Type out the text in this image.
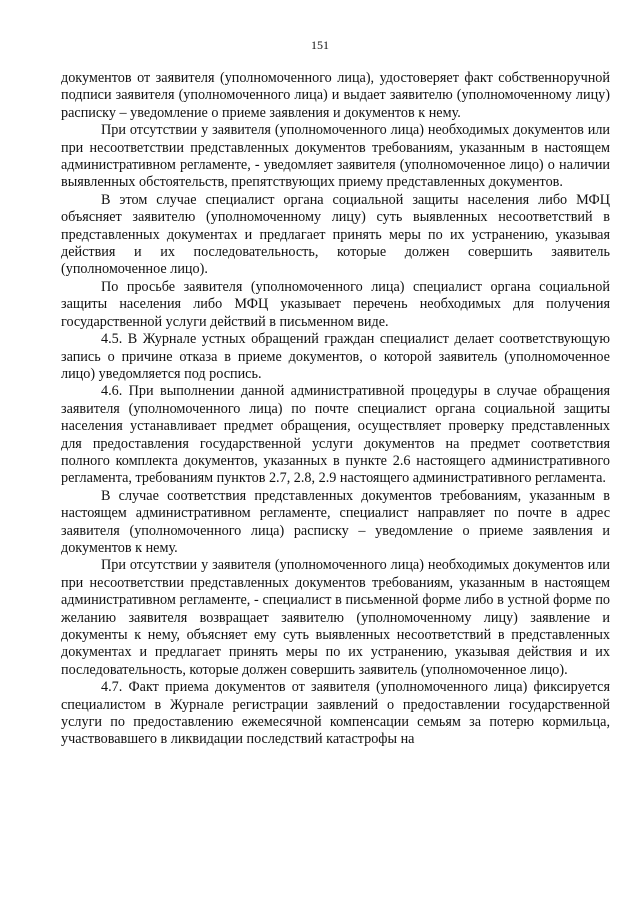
151

документов от заявителя (уполномоченного лица), удостоверяет факт собственноручной подписи заявителя (уполномоченного лица) и выдает заявителю (уполномоченному лицу) расписку – уведомление о приеме заявления и документов к нему.

При отсутствии у заявителя (уполномоченного лица) необходимых документов или при несоответствии представленных документов требованиям, указанным в настоящем административном регламенте, - уведомляет заявителя (уполномоченное лицо) о наличии выявленных обстоятельств, препятствующих приему представленных документов.

В этом случае специалист органа социальной защиты населения либо МФЦ объясняет заявителю (уполномоченному лицу) суть выявленных несоответствий в представленных документах и предлагает принять меры по их устранению, указывая действия и их последовательность, которые должен совершить заявитель (уполномоченное лицо).

По просьбе заявителя (уполномоченного лица) специалист органа социальной защиты населения либо МФЦ указывает перечень необходимых для получения государственной услуги действий в письменном виде.

4.5. В Журнале устных обращений граждан специалист делает соответствующую запись о причине отказа в приеме документов, о которой заявитель (уполномоченное лицо) уведомляется под роспись.

4.6. При выполнении данной административной процедуры в случае обращения заявителя (уполномоченного лица) по почте специалист органа социальной защиты населения устанавливает предмет обращения, осуществляет проверку представленных для предоставления государственной услуги документов на предмет соответствия полного комплекта документов, указанных в пункте 2.6 настоящего административного регламента, требованиям пунктов 2.7, 2.8, 2.9 настоящего административного регламента.

В случае соответствия представленных документов требованиям, указанным в настоящем административном регламенте, специалист направляет по почте в адрес заявителя (уполномоченного лица) расписку – уведомление о приеме заявления и документов к нему.

При отсутствии у заявителя (уполномоченного лица) необходимых документов или при несоответствии представленных документов требованиям, указанным в настоящем административном регламенте, - специалист в письменной форме либо в устной форме по желанию заявителя возвращает заявителю (уполномоченному лицу) заявление и документы к нему, объясняет ему суть выявленных несоответствий в представленных документах и предлагает принять меры по их устранению, указывая действия и их последовательность, которые должен совершить заявитель (уполномоченное лицо).

4.7. Факт приема документов от заявителя (уполномоченного лица) фиксируется специалистом в Журнале регистрации заявлений о предоставлении государственной услуги по предоставлению ежемесячной компенсации семьям за потерю кормильца, участвовавшего в ликвидации последствий катастрофы на
